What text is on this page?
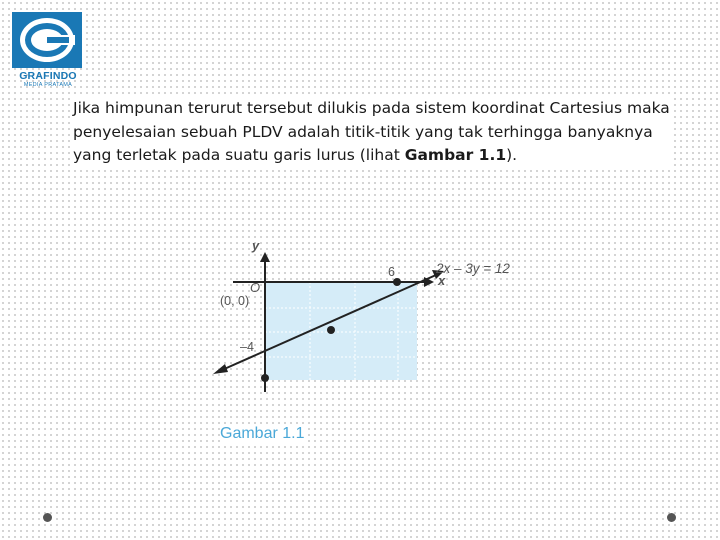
GRAFINDO
MEDIA PRATAMA
Jika himpunan terurut tersebut dilukis pada sistem koordinat Cartesius maka penyelesaian sebuah PLDV adalah titik-titik yang tak terhingga banyaknya yang terletak pada suatu garis lurus (lihat Gambar 1.1).
y
x
O
(0, 0)
6
–4
2x – 3y = 12
Gambar 1.1
